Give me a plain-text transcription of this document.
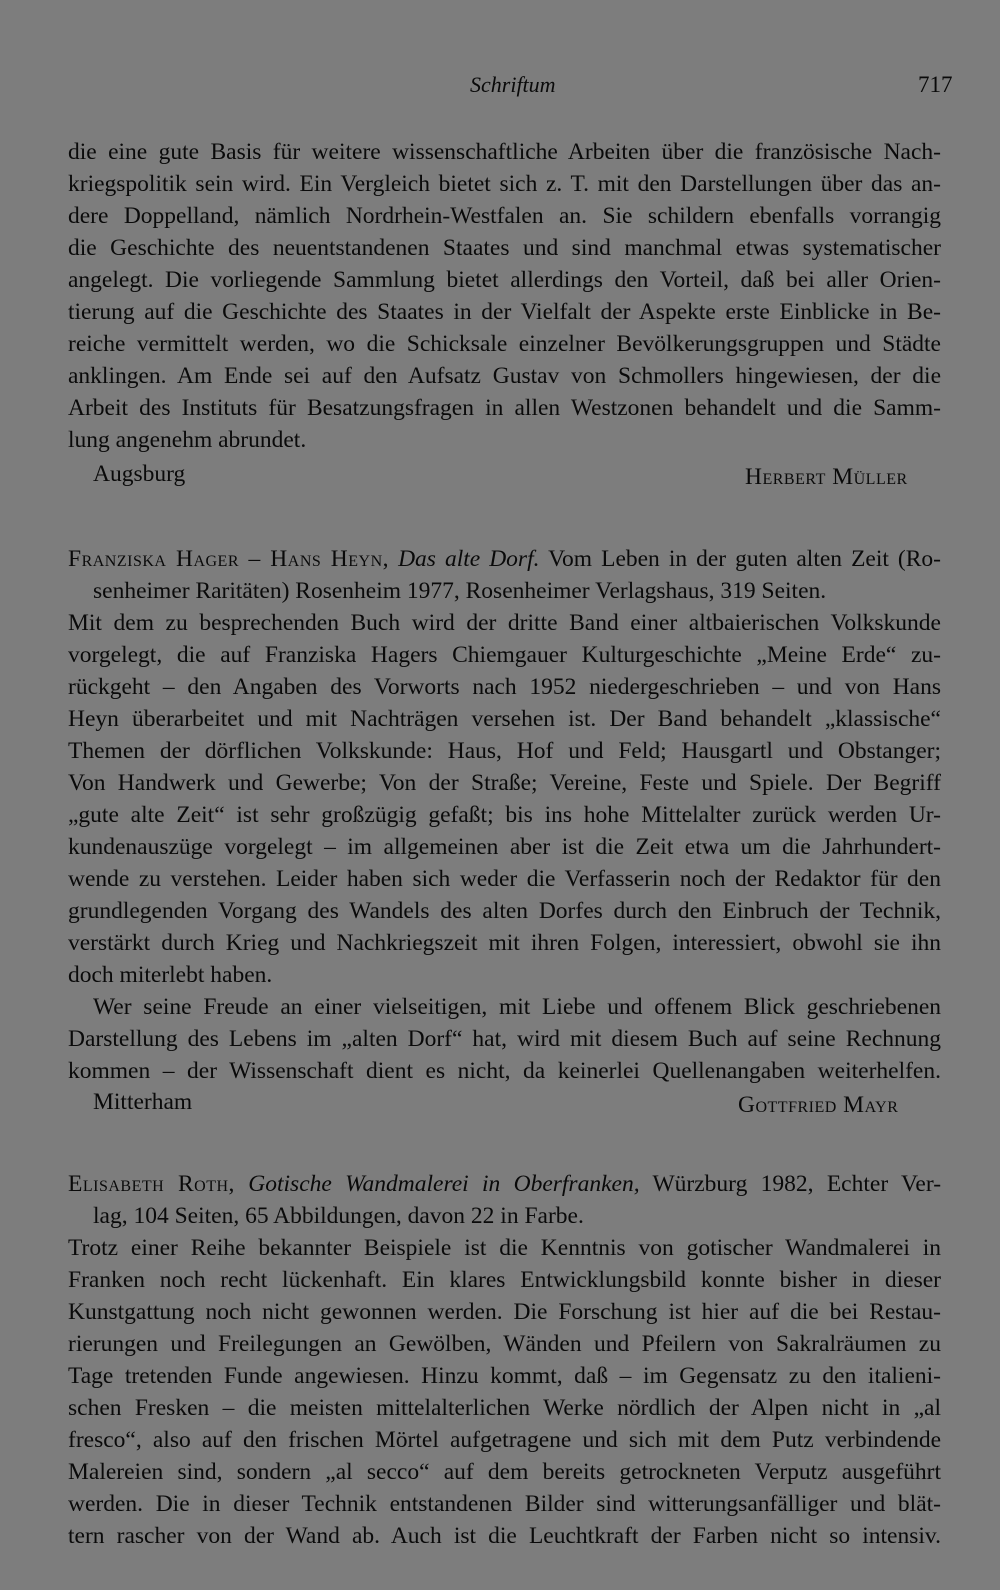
Schriftum	717
die eine gute Basis für weitere wissenschaftliche Arbeiten über die französische Nach-
kriegspolitik sein wird. Ein Vergleich bietet sich z. T. mit den Darstellungen über das an-
dere Doppelland, nämlich Nordrhein-Westfalen an. Sie schildern ebenfalls vorrangig
die Geschichte des neuentstandenen Staates und sind manchmal etwas systematischer
angelegt. Die vorliegende Sammlung bietet allerdings den Vorteil, daß bei aller Orien-
tierung auf die Geschichte des Staates in der Vielfalt der Aspekte erste Einblicke in Be-
reiche vermittelt werden, wo die Schicksale einzelner Bevölkerungsgruppen und Städte
anklingen. Am Ende sei auf den Aufsatz Gustav von Schmollers hingewiesen, der die
Arbeit des Instituts für Besatzungsfragen in allen Westzonen behandelt und die Samm-
lung angenehm abrundet.
Augsburg	Herbert Müller
Franziska Hager – Hans Heyn, Das alte Dorf. Vom Leben in der guten alten Zeit (Ro-
senheimer Raritäten) Rosenheim 1977, Rosenheimer Verlagshaus, 319 Seiten.
Mit dem zu besprechenden Buch wird der dritte Band einer altbaierischen Volkskunde
vorgelegt, die auf Franziska Hagers Chiemgauer Kulturgeschichte „Meine Erde“ zu-
rückgeht – den Angaben des Vorworts nach 1952 niedergeschrieben – und von Hans
Heyn überarbeitet und mit Nachträgen versehen ist. Der Band behandelt „klassische“
Themen der dörflichen Volkskunde: Haus, Hof und Feld; Hausgartl und Obstanger;
Von Handwerk und Gewerbe; Von der Straße; Vereine, Feste und Spiele. Der Begriff
„gute alte Zeit“ ist sehr großzügig gefaßt; bis ins hohe Mittelalter zurück werden Ur-
kundenauszüge vorgelegt – im allgemeinen aber ist die Zeit etwa um die Jahrhundert-
wende zu verstehen. Leider haben sich weder die Verfasserin noch der Redaktor für den
grundlegenden Vorgang des Wandels des alten Dorfes durch den Einbruch der Technik,
verstärkt durch Krieg und Nachkriegszeit mit ihren Folgen, interessiert, obwohl sie ihn
doch miterlebt haben.
Wer seine Freude an einer vielseitigen, mit Liebe und offenem Blick geschriebenen
Darstellung des Lebens im „alten Dorf“ hat, wird mit diesem Buch auf seine Rechnung
kommen – der Wissenschaft dient es nicht, da keinerlei Quellenangaben weiterhelfen.
Mitterham	Gottfried Mayr
Elisabeth Roth, Gotische Wandmalerei in Oberfranken, Würzburg 1982, Echter Ver-
lag, 104 Seiten, 65 Abbildungen, davon 22 in Farbe.
Trotz einer Reihe bekannter Beispiele ist die Kenntnis von gotischer Wandmalerei in
Franken noch recht lückenhaft. Ein klares Entwicklungsbild konnte bisher in dieser
Kunstgattung noch nicht gewonnen werden. Die Forschung ist hier auf die bei Restau-
rierungen und Freilegungen an Gewölben, Wänden und Pfeilern von Sakralräumen zu
Tage tretenden Funde angewiesen. Hinzu kommt, daß – im Gegensatz zu den italieni-
schen Fresken – die meisten mittelalterlichen Werke nördlich der Alpen nicht in „al
fresco“, also auf den frischen Mörtel aufgetragene und sich mit dem Putz verbindende
Malereien sind, sondern „al secco“ auf dem bereits getrockneten Verputz ausgeführt
werden. Die in dieser Technik entstandenen Bilder sind witterungsanfälliger und blät-
tern rascher von der Wand ab. Auch ist die Leuchtkraft der Farben nicht so intensiv.
